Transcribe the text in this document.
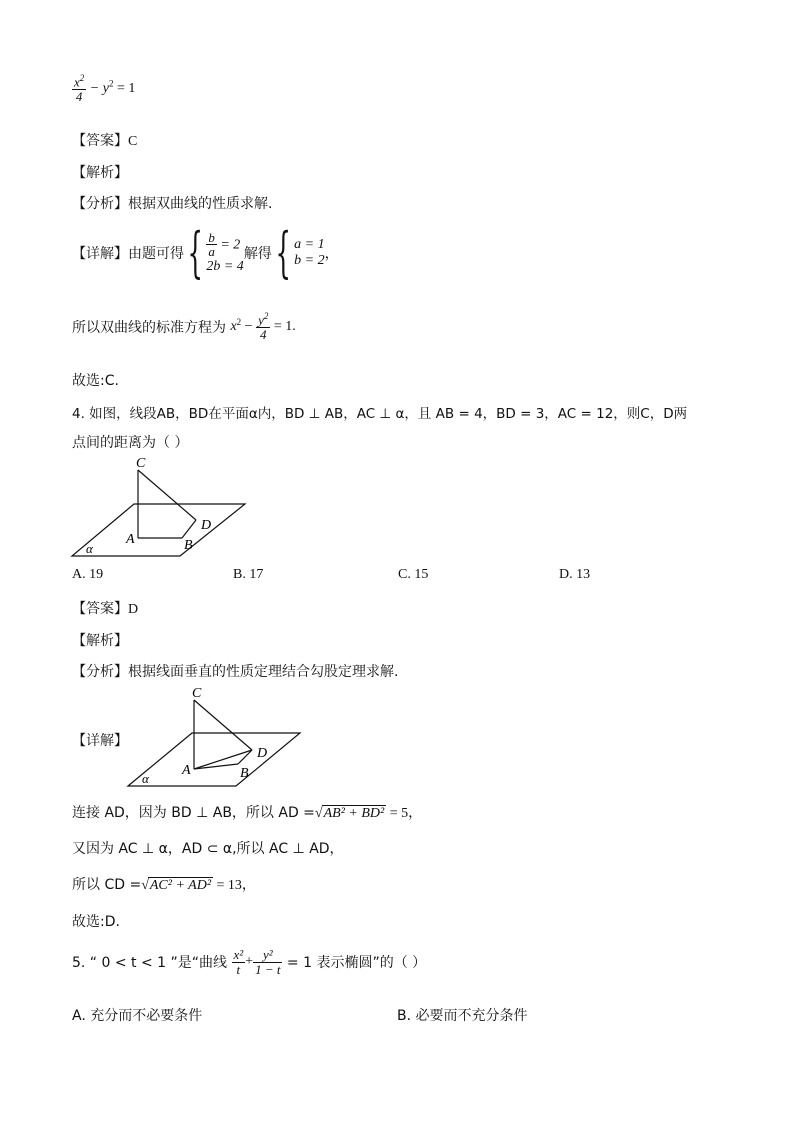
$\frac{x^2}{4} - y^2 = 1$
【答案】C
【解析】
【分析】根据双曲线的性质求解.
【详解】由题可得{ $\frac{b}{a} = 2$
2b = 4
解得{ a = 1
b = 2 ，
所以双曲线的标准方程为 $x^2 - \frac{y^2}{4} = 1$.
故选:C.
4. 如图，线段AB，BD在平面α内，BD ⊥ AB，AC ⊥ α，且 AB = 4，BD = 3，AC = 12，则C，D两
点间的距离为（ ）
C
D
A	B
α
A. 19	B. 17	C. 15	D. 13
【答案】D
【解析】
【分析】根据线面垂直的性质定理结合勾股定理求解.
【详解】
C
D
A	B
α
连接 AD，因为 BD ⊥ AB，所以 AD =√AB² + BD² = 5，
又因为 AC ⊥ α，AD ⊂ α,所以 AC ⊥ AD，
所以 CD =√AC² + AD² = 13，
故选:D.
5. “ 0 < t < 1 ”是“曲线 $\frac{\text{x²}}{t} + \frac{\text{y²}}{1 - t} = 1$ 表示椭圆”的（ ）
A. 充分而不必要条件	B. 必要而不充分条件
